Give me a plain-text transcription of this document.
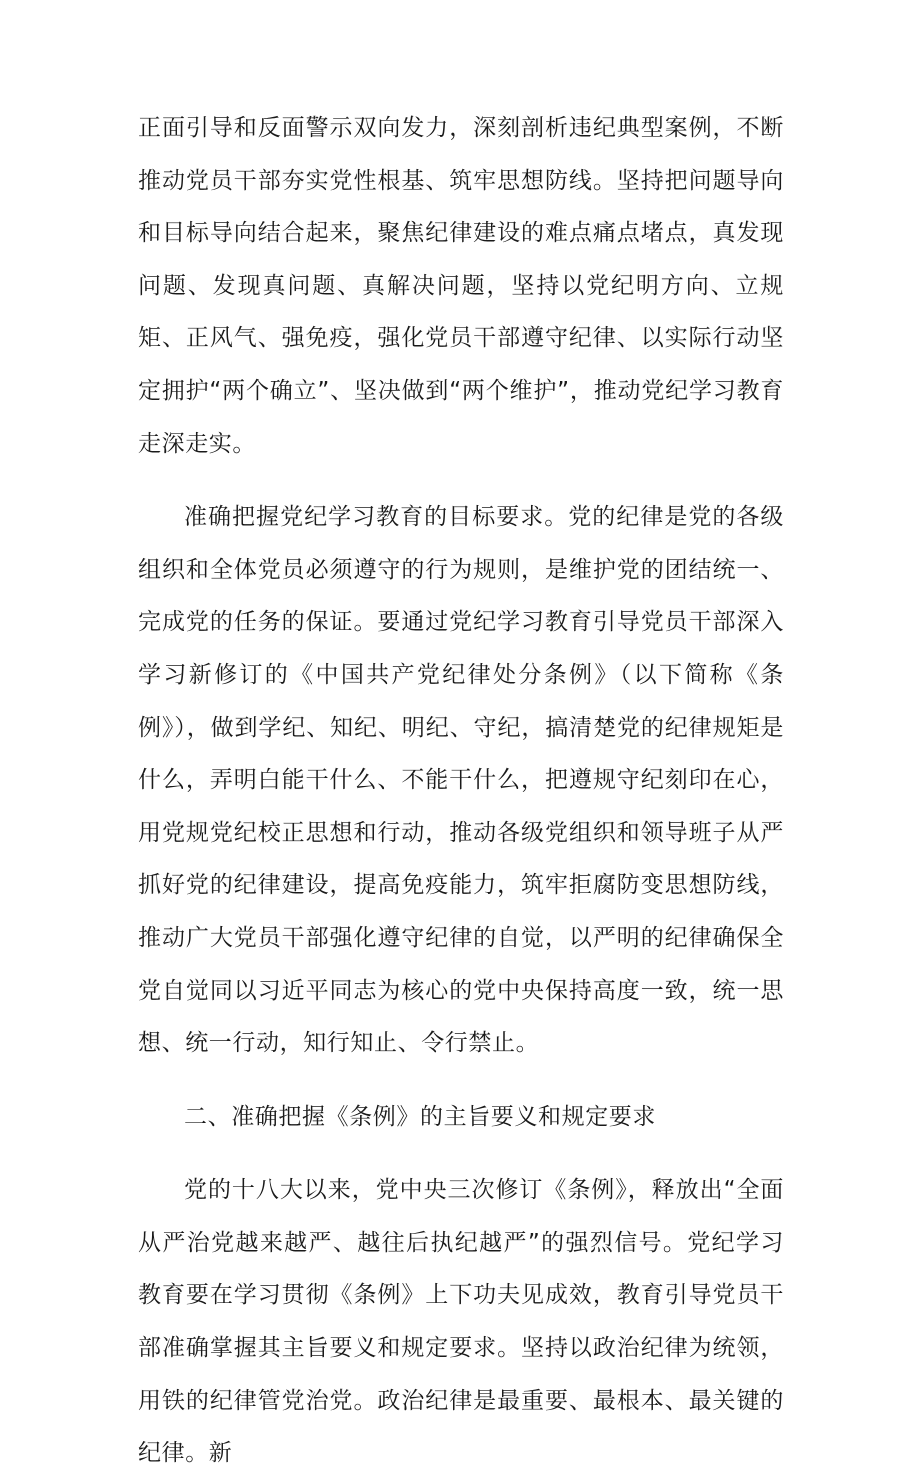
正面引导和反面警示双向发力，深刻剖析违纪典型案例，不断推动党员干部夯实党性根基、筑牢思想防线。坚持把问题导向和目标导向结合起来，聚焦纪律建设的难点痛点堵点，真发现问题、发现真问题、真解决问题，坚持以党纪明方向、立规矩、正风气、强免疫，强化党员干部遵守纪律、以实际行动坚定拥护“两个确立”、坚决做到“两个维护”，推动党纪学习教育走深走实。

准确把握党纪学习教育的目标要求。党的纪律是党的各级组织和全体党员必须遵守的行为规则，是维护党的团结统一、完成党的任务的保证。要通过党纪学习教育引导党员干部深入学习新修订的《中国共产党纪律处分条例》（以下简称《条例》），做到学纪、知纪、明纪、守纪，搞清楚党的纪律规矩是什么，弄明白能干什么、不能干什么，把遵规守纪刻印在心，用党规党纪校正思想和行动，推动各级党组织和领导班子从严抓好党的纪律建设，提高免疫能力，筑牢拒腐防变思想防线，推动广大党员干部强化遵守纪律的自觉，以严明的纪律确保全党自觉同以习近平同志为核心的党中央保持高度一致，统一思想、统一行动，知行知止、令行禁止。

二、准确把握《条例》的主旨要义和规定要求

党的十八大以来，党中央三次修订《条例》，释放出“全面从严治党越来越严、越往后执纪越严”的强烈信号。党纪学习教育要在学习贯彻《条例》上下功夫见成效，教育引导党员干部准确掌握其主旨要义和规定要求。坚持以政治纪律为统领，用铁的纪律管党治党。政治纪律是最重要、最根本、最关键的纪律。新
